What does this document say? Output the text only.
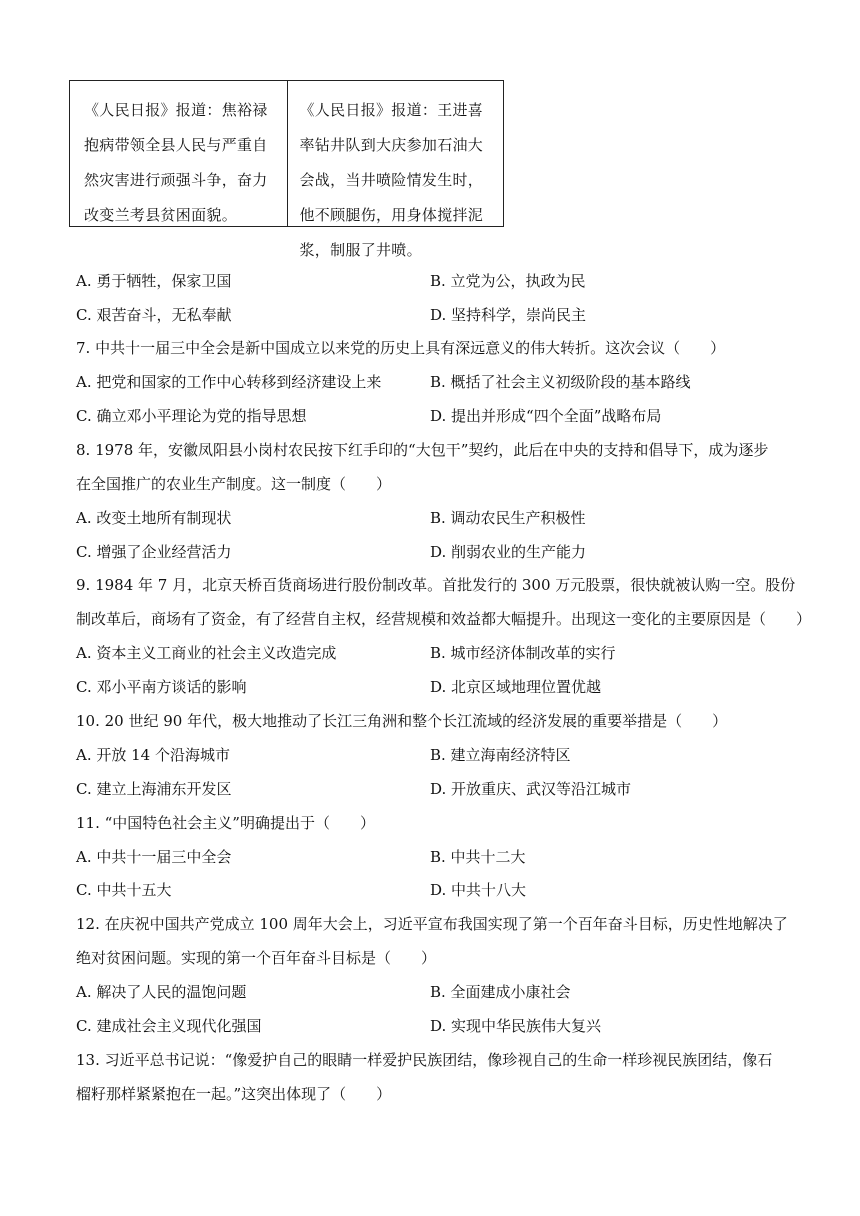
《人民日报》报道：焦裕禄抱病带领全县人民与严重自然灾害进行顽强斗争，奋力改变兰考县贫困面貌。
《人民日报》报道：王进喜率钻井队到大庆参加石油大会战，当井喷险情发生时，他不顾腿伤，用身体搅拌泥浆，制服了井喷。
A. 勇于牺牲，保家卫国	B. 立党为公，执政为民
C. 艰苦奋斗，无私奉献	D. 坚持科学，崇尚民主
7. 中共十一届三中全会是新中国成立以来党的历史上具有深远意义的伟大转折。这次会议（　　）
A. 把党和国家的工作中心转移到经济建设上来	B. 概括了社会主义初级阶段的基本路线
C. 确立邓小平理论为党的指导思想	D. 提出并形成“四个全面”战略布局
8. 1978 年，安徽凤阳县小岗村农民按下红手印的“大包干”契约，此后在中央的支持和倡导下，成为逐步
在全国推广的农业生产制度。这一制度（　　）
A. 改变土地所有制现状	B. 调动农民生产积极性
C. 增强了企业经营活力	D. 削弱农业的生产能力
9. 1984 年 7 月，北京天桥百货商场进行股份制改革。首批发行的 300 万元股票，很快就被认购一空。股份
制改革后，商场有了资金，有了经营自主权，经营规模和效益都大幅提升。出现这一变化的主要原因是（　　）
A. 资本主义工商业的社会主义改造完成	B. 城市经济体制改革的实行
C. 邓小平南方谈话的影响	D. 北京区域地理位置优越
10. 20 世纪 90 年代，极大地推动了长江三角洲和整个长江流域的经济发展的重要举措是（　　）
A. 开放 14 个沿海城市	B. 建立海南经济特区
C. 建立上海浦东开发区	D. 开放重庆、武汉等沿江城市
11. “中国特色社会主义”明确提出于（　　）
A. 中共十一届三中全会	B. 中共十二大
C. 中共十五大	D. 中共十八大
12. 在庆祝中国共产党成立 100 周年大会上，习近平宣布我国实现了第一个百年奋斗目标，历史性地解决了
绝对贫困问题。实现的第一个百年奋斗目标是（　　）
A. 解决了人民的温饱问题	B. 全面建成小康社会
C. 建成社会主义现代化强国	D. 实现中华民族伟大复兴
13. 习近平总书记说：“像爱护自己的眼睛一样爱护民族团结，像珍视自己的生命一样珍视民族团结，像石
榴籽那样紧紧抱在一起。”这突出体现了（　　）
